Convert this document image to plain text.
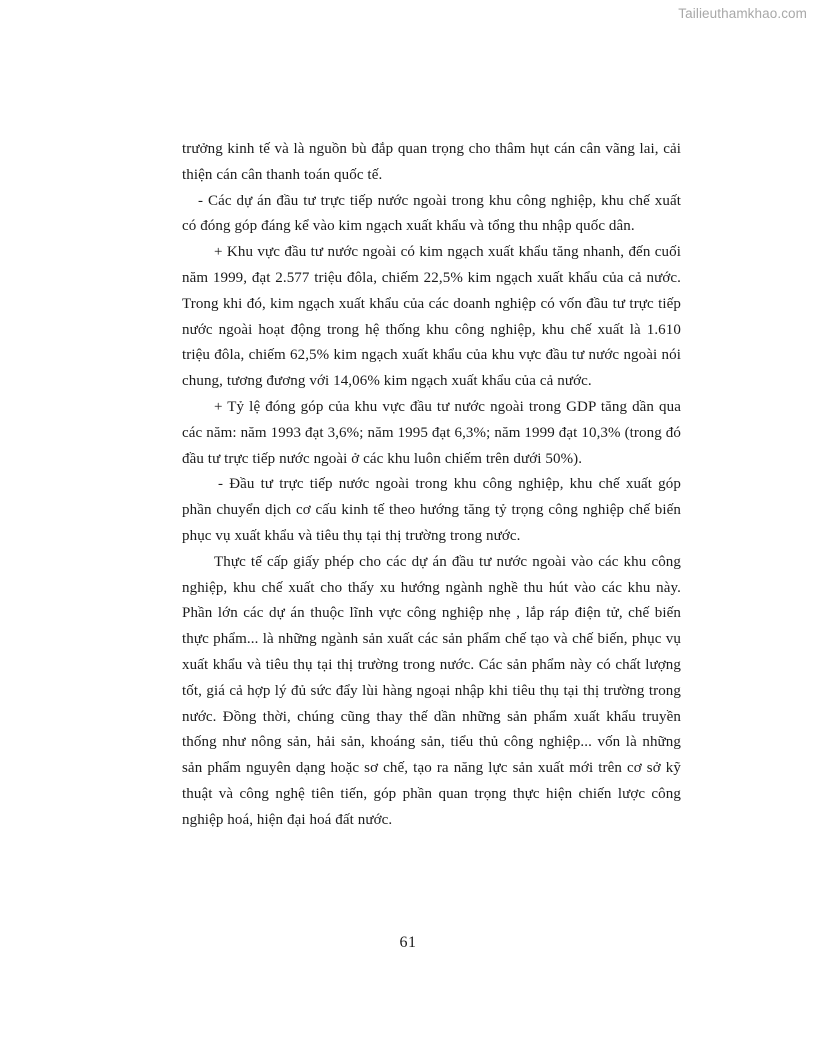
Tailieuthamkhao.com

trưởng kinh tế và là nguồn bù đắp quan trọng cho thâm hụt cán cân vãng lai, cải thiện cán cân thanh toán quốc tế.

- Các dự án đầu tư trực tiếp nước ngoài trong khu công nghiệp, khu chế xuất có đóng góp đáng kể vào kim ngạch xuất khẩu và tổng thu nhập quốc dân.

+ Khu vực đầu tư nước ngoài có kim ngạch xuất khẩu tăng nhanh, đến cuối năm 1999, đạt 2.577 triệu đôla, chiếm 22,5% kim ngạch xuất khẩu của cả nước. Trong khi đó, kim ngạch xuất khẩu của các doanh nghiệp có vốn đầu tư trực tiếp nước ngoài hoạt động trong hệ thống khu công nghiệp, khu chế xuất là 1.610 triệu đôla, chiếm 62,5% kim ngạch xuất khẩu của khu vực đầu tư nước ngoài nói chung, tương đương với 14,06% kim ngạch xuất khẩu của cả nước.

+ Tỷ lệ đóng góp của khu vực đầu tư nước ngoài trong GDP tăng dần qua các năm: năm 1993 đạt 3,6%; năm 1995 đạt 6,3%; năm 1999 đạt 10,3% (trong đó đầu tư trực tiếp nước ngoài ở các khu luôn chiếm trên dưới 50%).

- Đầu tư trực tiếp nước ngoài trong khu công nghiệp, khu chế xuất góp phần chuyển dịch cơ cấu kinh tế theo hướng tăng tỷ trọng công nghiệp chế biến phục vụ xuất khẩu và tiêu thụ tại thị trường trong nước.

Thực tế cấp giấy phép cho các dự án đầu tư nước ngoài vào các khu công nghiệp, khu chế xuất cho thấy xu hướng ngành nghề thu hút vào các khu này. Phần lớn các dự án thuộc lĩnh vực công nghiệp nhẹ , lắp ráp điện tử, chế biến thực phẩm... là những ngành sản xuất các sản phẩm chế tạo và chế biến, phục vụ xuất khẩu và tiêu thụ tại thị trường trong nước. Các sản phẩm này có chất lượng tốt, giá cả hợp lý đủ sức đẩy lùi hàng ngoại nhập khi tiêu thụ tại thị trường trong nước. Đồng thời, chúng cũng thay thế dần những sản phẩm xuất khẩu truyền thống như nông sản, hải sản, khoáng sản, tiểu thủ công nghiệp... vốn là những sản phẩm nguyên dạng hoặc sơ chế, tạo ra năng lực sản xuất mới trên cơ sở kỹ thuật và công nghệ tiên tiến, góp phần quan trọng thực hiện chiến lược công nghiệp hoá, hiện đại hoá đất nước.

61
